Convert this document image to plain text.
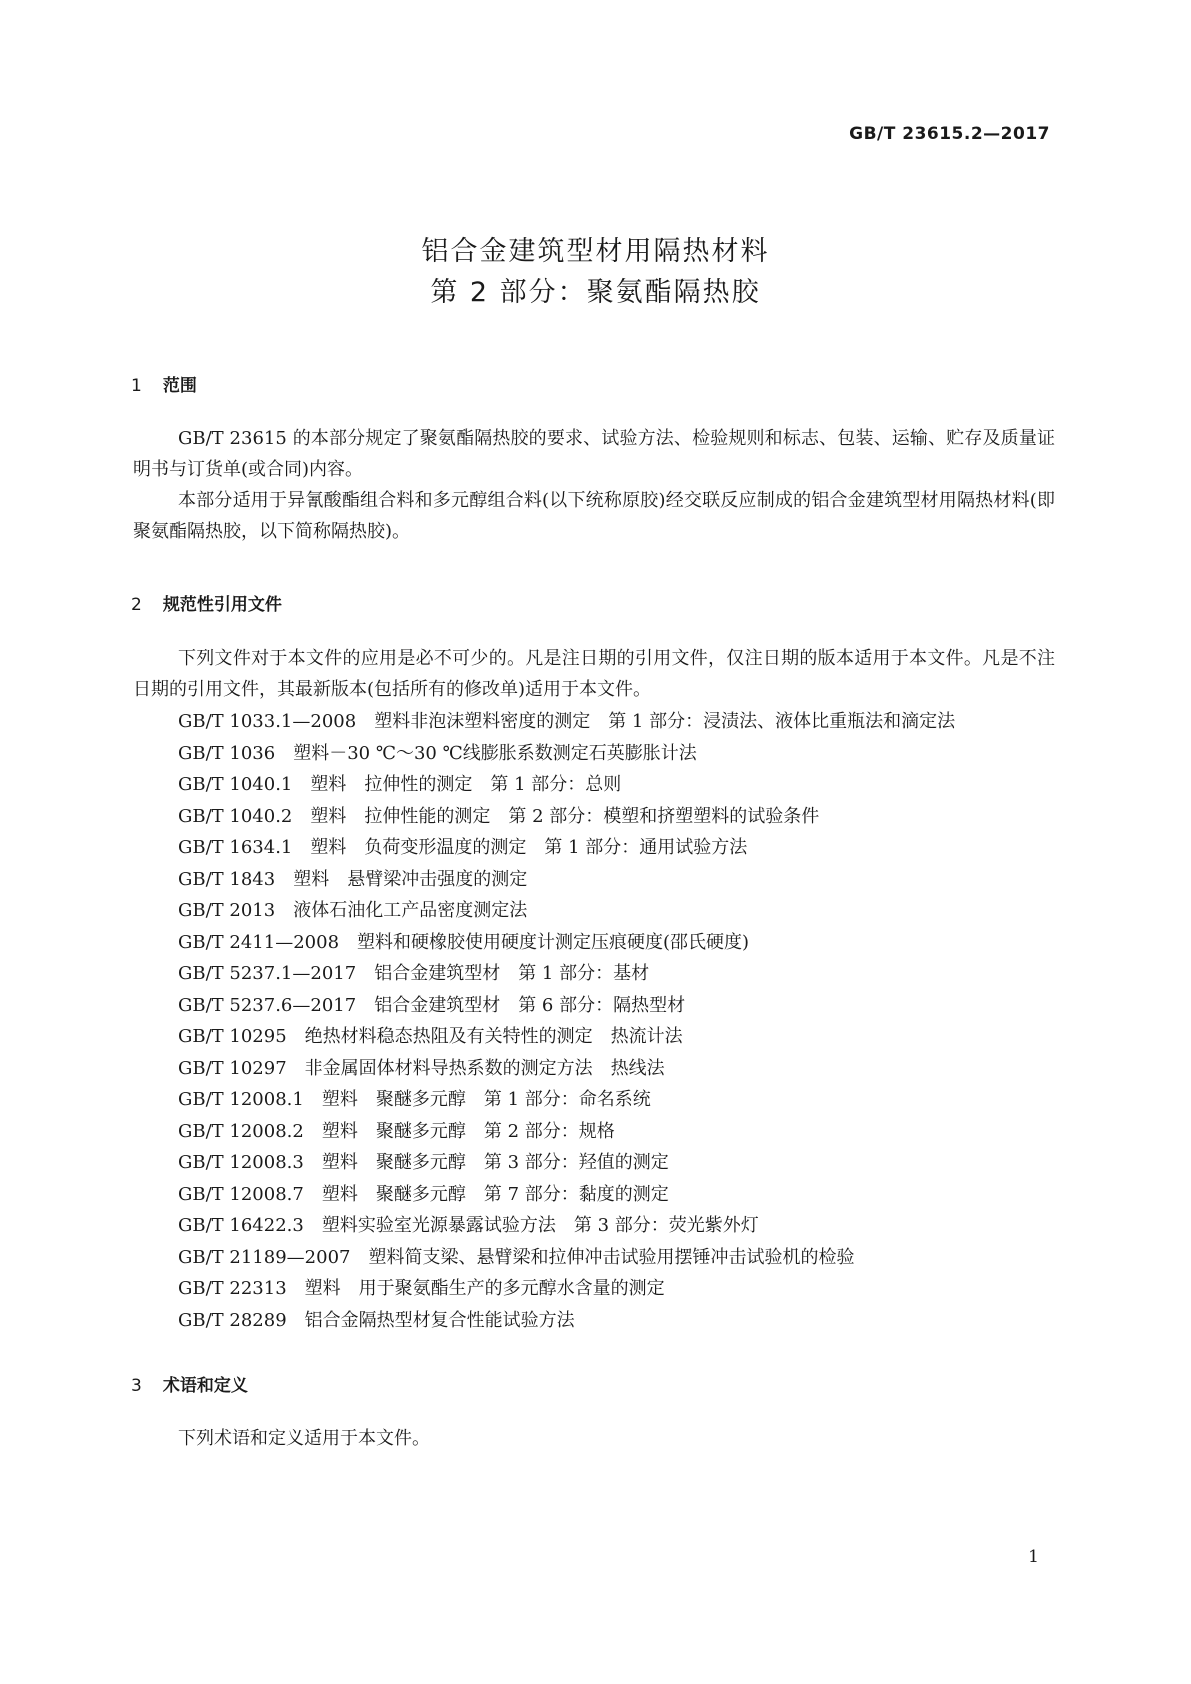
GB/T 23615.2—2017
铝合金建筑型材用隔热材料
第 2 部分：聚氨酯隔热胶
1 范围
GB/T 23615 的本部分规定了聚氨酯隔热胶的要求、试验方法、检验规则和标志、包装、运输、贮存及质量证明书与订货单(或合同)内容。
本部分适用于异氰酸酯组合料和多元醇组合料(以下统称原胶)经交联反应制成的铝合金建筑型材用隔热材料(即聚氨酯隔热胶，以下简称隔热胶)。
2 规范性引用文件
下列文件对于本文件的应用是必不可少的。凡是注日期的引用文件，仅注日期的版本适用于本文件。凡是不注日期的引用文件，其最新版本(包括所有的修改单)适用于本文件。
GB/T 1033.1—2008 塑料非泡沫塑料密度的测定　第 1 部分：浸渍法、液体比重瓶法和滴定法
GB/T 1036 塑料－30 ℃～30 ℃线膨胀系数测定石英膨胀计法
GB/T 1040.1 塑料　拉伸性的测定　第 1 部分：总则
GB/T 1040.2 塑料　拉伸性能的测定　第 2 部分：模塑和挤塑塑料的试验条件
GB/T 1634.1 塑料　负荷变形温度的测定　第 1 部分：通用试验方法
GB/T 1843 塑料　悬臂梁冲击强度的测定
GB/T 2013 液体石油化工产品密度测定法
GB/T 2411—2008 塑料和硬橡胶使用硬度计测定压痕硬度(邵氏硬度)
GB/T 5237.1—2017 铝合金建筑型材　第 1 部分：基材
GB/T 5237.6—2017 铝合金建筑型材　第 6 部分：隔热型材
GB/T 10295 绝热材料稳态热阻及有关特性的测定　热流计法
GB/T 10297 非金属固体材料导热系数的测定方法　热线法
GB/T 12008.1 塑料　聚醚多元醇　第 1 部分：命名系统
GB/T 12008.2 塑料　聚醚多元醇　第 2 部分：规格
GB/T 12008.3 塑料　聚醚多元醇　第 3 部分：羟值的测定
GB/T 12008.7 塑料　聚醚多元醇　第 7 部分：黏度的测定
GB/T 16422.3 塑料实验室光源暴露试验方法　第 3 部分：荧光紫外灯
GB/T 21189—2007 塑料简支梁、悬臂梁和拉伸冲击试验用摆锤冲击试验机的检验
GB/T 22313 塑料　用于聚氨酯生产的多元醇水含量的测定
GB/T 28289 铝合金隔热型材复合性能试验方法
3 术语和定义
下列术语和定义适用于本文件。
1
